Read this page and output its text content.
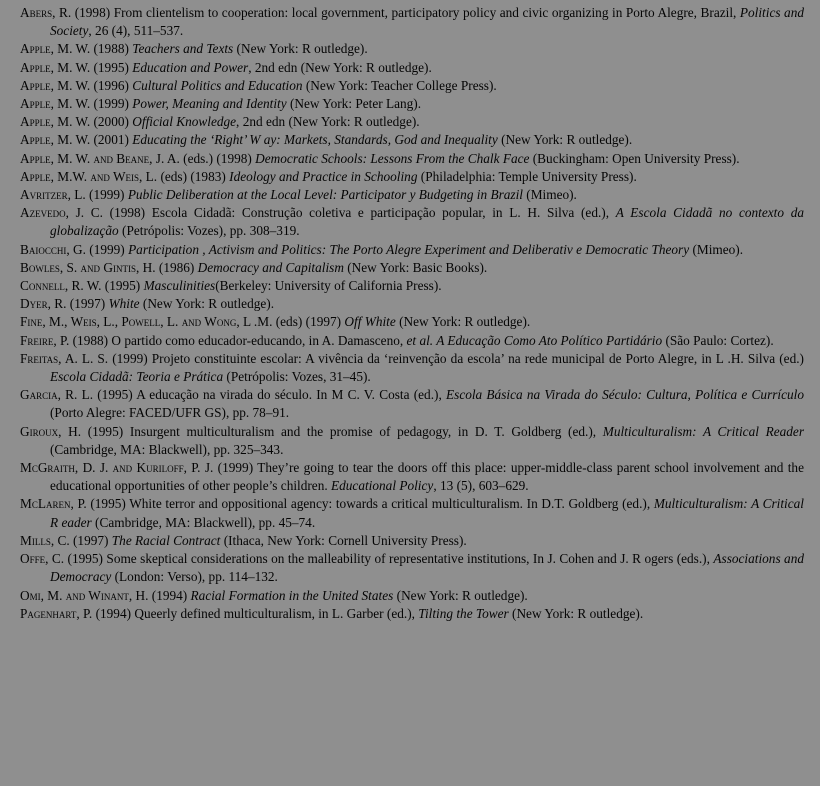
Abers, R. (1998) From clientelism to cooperation: local government, participatory policy and civic organizing in Porto Alegre, Brazil, Politics and Society, 26 (4), 511–537.
Apple, M. W. (1988) Teachers and Texts (New York: R outledge).
Apple, M. W. (1995) Education and Power, 2nd edn (New York: R outledge).
Apple, M. W. (1996) Cultural Politics and Education (New York: Teacher College Press).
Apple, M. W. (1999) Power, Meaning and Identity (New York: Peter Lang).
Apple, M. W. (2000) Official Knowledge, 2nd edn (New York: R outledge).
Apple, M. W. (2001) Educating the ‘Right’ W ay: Markets, Standards, God and Inequality (New York: R outledge).
Apple, M. W. and Beane, J. A. (eds.) (1998) Democratic Schools: Lessons From the Chalk Face (Buckingham: Open University Press).
Apple, M.W. and Weis, L. (eds) (1983) Ideology and Practice in Schooling (Philadelphia: Temple University Press).
Avritzer, L. (1999) Public Deliberation at the Local Level: Participator y Budgeting in Brazil (Mimeo).
Azevedo, J. C. (1998) Escola Cidadã: Construção coletiva e participação popular, in L. H. Silva (ed.), A Escola Cidadã no contexto da globalização (Petrópolis: Vozes), pp. 308–319.
Baiocchi, G. (1999) Participation , Activism and Politics: The Porto Alegre Experiment and Deliberativ e Democratic Theory (Mimeo).
Bowles, S. and Gintis, H. (1986) Democracy and Capitalism (New York: Basic Books).
Connell, R. W. (1995) Masculinities(Berkeley: University of California Press).
Dyer, R. (1997) White (New York: R outledge).
Fine, M., Weis, L., Powell, L. and Wong, L .M. (eds) (1997) Off White (New York: R outledge).
Freire, P. (1988) O partido como educador-educando, in A. Damasceno, et al. A Educação Como Ato Político Partidário (São Paulo: Cortez).
Freitas, A. L. S. (1999) Projeto constituinte escolar: A vivência da ‘reinvenção da escola’ na rede municipal de Porto Alegre, in L .H. Silva (ed.) Escola Cidadã: Teoria e Prática (Petrópolis: Vozes, 31–45).
Garcia, R. L. (1995) A educação na virada do século. In M C. V. Costa (ed.), Escola Básica na Virada do Século: Cultura, Política e Currículo (Porto Alegre: FACED/UFR GS), pp. 78–91.
Giroux, H. (1995) Insurgent multiculturalism and the promise of pedagogy, in D. T. Goldberg (ed.), Multiculturalism: A Critical Reader (Cambridge, MA: Blackwell), pp. 325–343.
McGraith, D. J. and Kuriloff, P. J. (1999) They’re going to tear the doors off this place: upper-middle-class parent school involvement and the educational opportunities of other people’s children. Educational Policy, 13 (5), 603–629.
McLaren, P. (1995) White terror and oppositional agency: towards a critical multiculturalism. In D.T. Goldberg (ed.), Multiculturalism: A Critical R eader (Cambridge, MA: Blackwell), pp. 45–74.
Mills, C. (1997) The Racial Contract (Ithaca, New York: Cornell University Press).
Offe, C. (1995) Some skeptical considerations on the malleability of representative institutions, In J. Cohen and J. R ogers (eds.), Associations and Democracy (London: Verso), pp. 114–132.
Omi, M. and Winant, H. (1994) Racial Formation in the United States (New York: R outledge).
Pagenhart, P. (1994) Queerly defined multiculturalism, in L. Garber (ed.), Tilting the Tower (New York: R outledge).
